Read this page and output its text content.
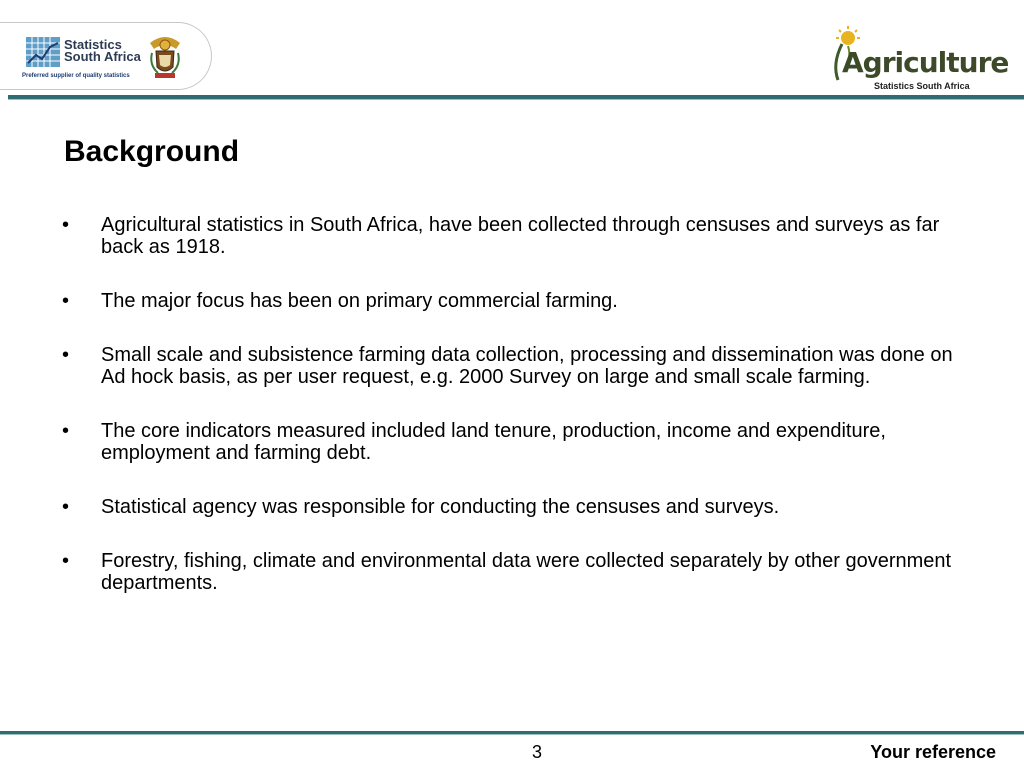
Statistics
South Africa
Preferred supplier of quality statistics	Agriculture
Statistics South Africa
Background
• Agricultural statistics in South Africa, have been collected through censuses and surveys as far back as 1918.
• The major focus has been on primary commercial farming.
• Small scale and subsistence farming data collection, processing and dissemination was done on Ad hock basis, as per user request, e.g. 2000 Survey on large and small scale farming.
• The core indicators measured included land tenure, production, income and expenditure, employment and farming debt.
• Statistical agency was responsible for conducting the censuses and surveys.
• Forestry, fishing, climate and environmental data were collected separately by other government departments.
3	Your reference
